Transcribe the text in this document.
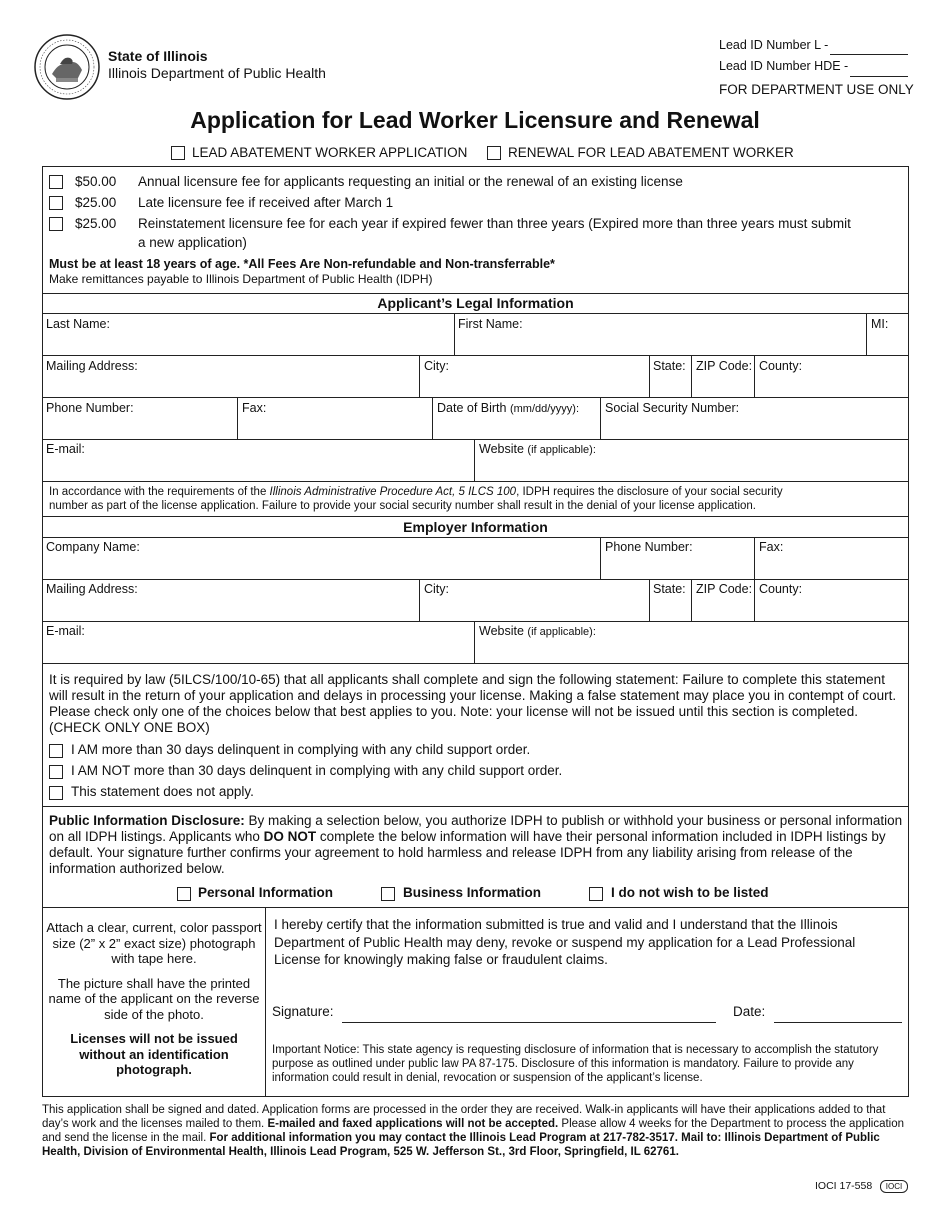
State of Illinois
Illinois Department of Public Health
Lead ID Number L -
Lead ID Number HDE -
FOR DEPARTMENT USE ONLY
Application for Lead Worker Licensure and Renewal
LEAD ABATEMENT WORKER APPLICATION	RENEWAL FOR LEAD ABATEMENT WORKER
$50.00 Annual licensure fee for applicants requesting an initial or the renewal of an existing license
$25.00 Late licensure fee if received after March 1
$25.00 Reinstatement licensure fee for each year if expired fewer than three years (Expired more than three years must submit
a new application)
Must be at least 18 years of age. *All Fees Are Non-refundable and Non-transferrable*
Make remittances payable to Illinois Department of Public Health (IDPH)
Applicant’s Legal Information
Last Name:	First Name:	MI:
Mailing Address:	City:	State: ZIP Code: County:
Phone Number:	Fax:	Date of Birth (mm/dd/yyyy): Social Security Number:
E-mail:	Website (if applicable):
In accordance with the requirements of the Illinois Administrative Procedure Act, 5 ILCS 100, IDPH requires the disclosure of your social security
number as part of the license application. Failure to provide your social security number shall result in the denial of your license application.
Employer Information
Company Name:	Phone Number:	Fax:
Mailing Address:	City:	State: ZIP Code: County:
E-mail:	Website (if applicable):
It is required by law (5ILCS/100/10-65) that all applicants shall complete and sign the following statement: Failure to complete this statement will result in the return of your application and delays in processing your license. Making a false statement may place you in contempt of court. Please check only one of the choices below that best applies to you. Note: your license will not be issued until this section is completed. (CHECK ONLY ONE BOX)
I AM more than 30 days delinquent in complying with any child support order.
I AM NOT more than 30 days delinquent in complying with any child support order.
This statement does not apply.
Public Information Disclosure: By making a selection below, you authorize IDPH to publish or withhold your business or personal information on all IDPH listings. Applicants who DO NOT complete the below information will have their personal information included in IDPH listings by default. Your signature further confirms your agreement to hold harmless and release IDPH from any liability arising from release of the information authorized below.
Personal Information	Business Information	I do not wish to be listed
Attach a clear, current, color passport size (2” x 2” exact size) photograph with tape here.
The picture shall have the printed name of the applicant on the reverse side of the photo.
Licenses will not be issued without an identification photograph.
I hereby certify that the information submitted is true and valid and I understand that the Illinois Department of Public Health may deny, revoke or suspend my application for a Lead Professional License for knowingly making false or fraudulent claims.
Signature:	Date:
Important Notice: This state agency is requesting disclosure of information that is necessary to accomplish the statutory purpose as outlined under public law PA 87-175. Disclosure of this information is mandatory. Failure to provide any information could result in denial, revocation or suspension of the applicant’s license.
This application shall be signed and dated. Application forms are processed in the order they are received. Walk-in applicants will have their applications added to that day’s work and the licenses mailed to them. E-mailed and faxed applications will not be accepted. Please allow 4 weeks for the Department to process the application and send the license in the mail. For additional information you may contact the Illinois Lead Program at 217-782-3517. Mail to: Illinois Department of Public Health, Division of Environmental Health, Illinois Lead Program, 525 W. Jefferson St., 3rd Floor, Springfield, IL 62761.
IOCI 17-558	IOCI
